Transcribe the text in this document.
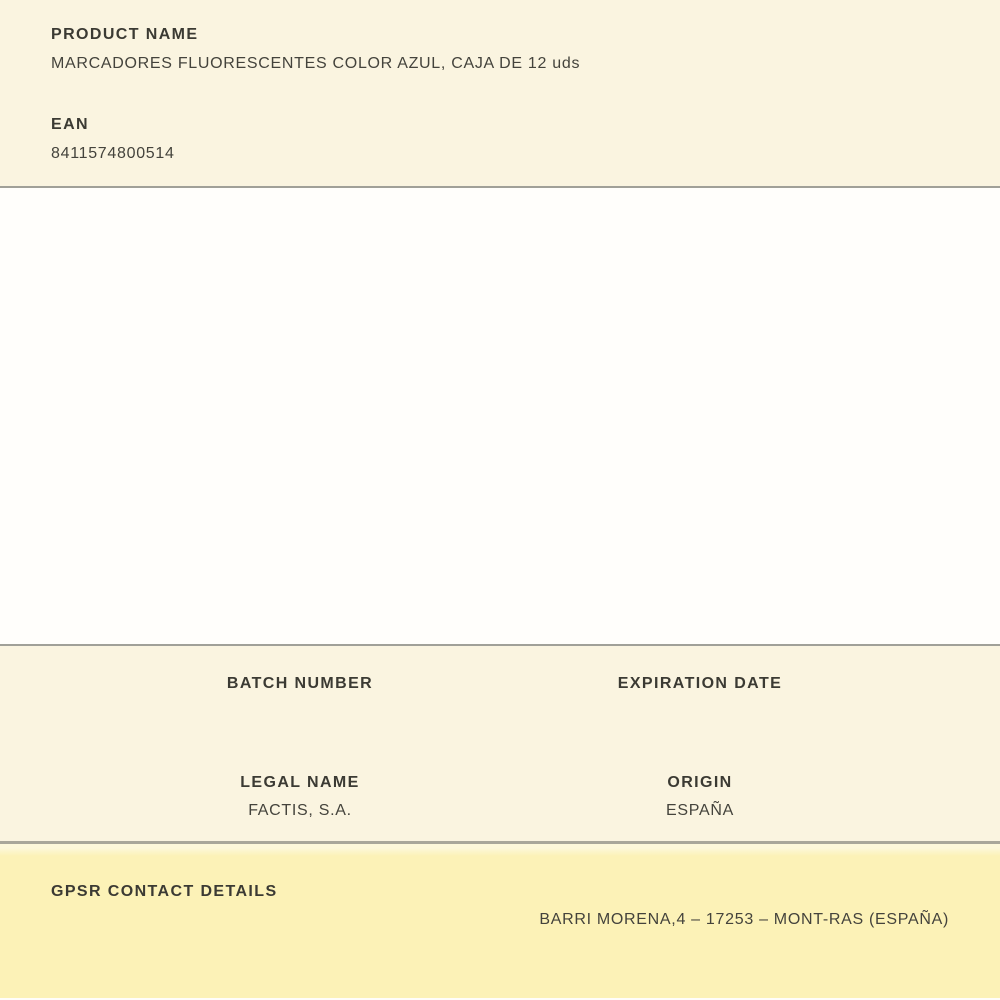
PRODUCT NAME
MARCADORES FLUORESCENTES COLOR AZUL, CAJA DE 12 uds
EAN
8411574800514
BATCH NUMBER	EXPIRATION DATE
LEGAL NAME
FACTIS, S.A.
ORIGIN
ESPAÑA
GPSR CONTACT DETAILS
BARRI MORENA,4 – 17253 – MONT-RAS (ESPAÑA)
